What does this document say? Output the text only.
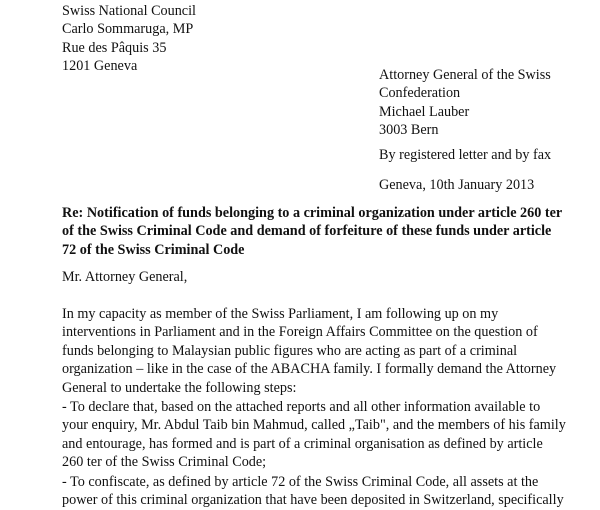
Swiss National Council
Carlo Sommaruga, MP
Rue des Pâquis 35
1201 Geneva
Attorney General of the Swiss
Confederation
Michael Lauber
3003 Bern
By registered letter and by fax
Geneva, 10th January 2013
Re: Notification of funds belonging to a criminal organization under article 260 ter
of the Swiss Criminal Code and demand of forfeiture of these funds under article
72 of the Swiss Criminal Code
Mr. Attorney General,
In my capacity as member of the Swiss Parliament, I am following up on my
interventions in Parliament and in the Foreign Affairs Committee on the question of
funds belonging to Malaysian public figures who are acting as part of a criminal
organization – like in the case of the ABACHA family. I formally demand the Attorney
General to undertake the following steps:
- To declare that, based on the attached reports and all other information available to
your enquiry, Mr. Abdul Taib bin Mahmud, called „Taib", and the members of his family
and entourage, has formed and is part of a criminal organisation as defined by article
260 ter of the Swiss Criminal Code;
- To confiscate, as defined by article 72 of the Swiss Criminal Code, all assets at the
power of this criminal organization that have been deposited in Switzerland, specifically
